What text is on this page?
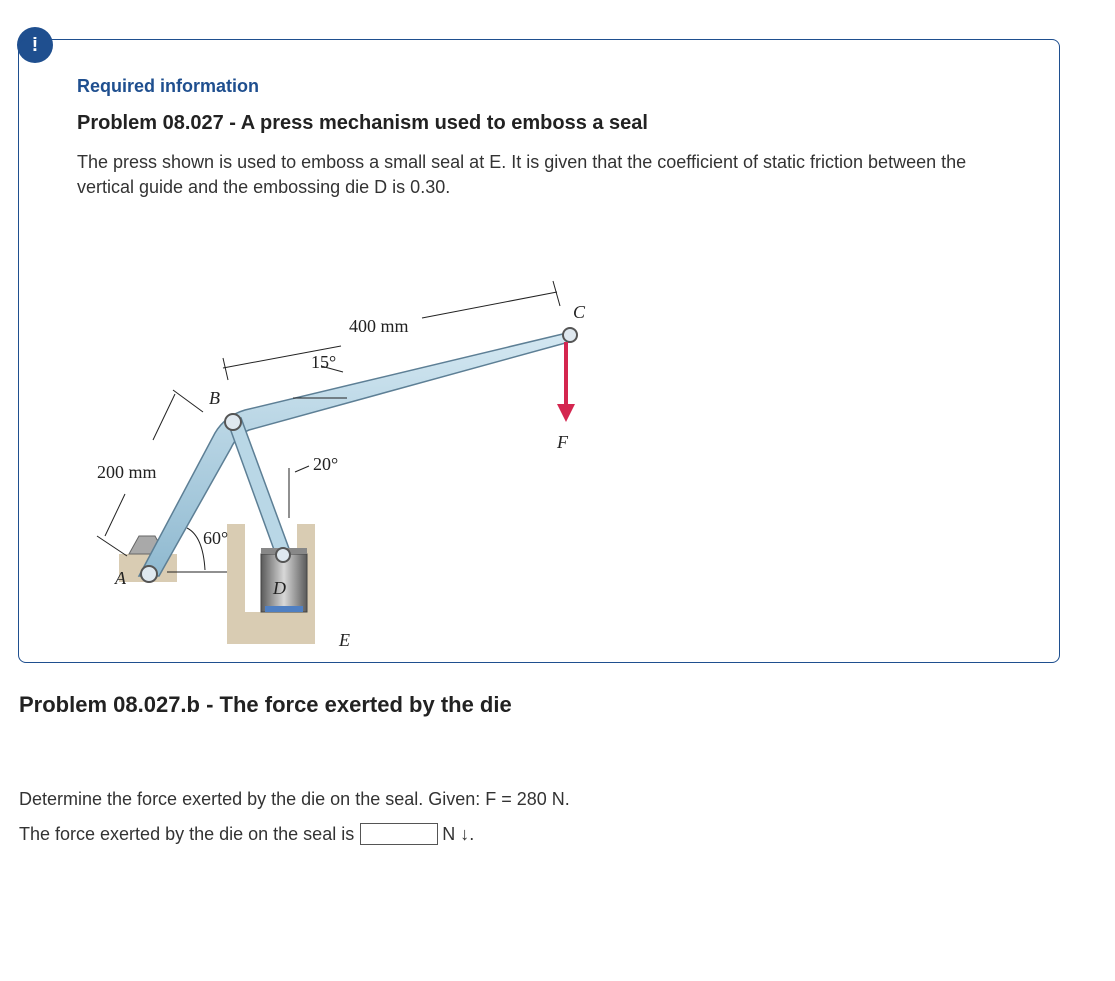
!
Required information
Problem 08.027 - A press mechanism used to emboss a seal

The press shown is used to emboss a small seal at E. It is given that the coefficient of static friction between the vertical guide and the embossing die D is 0.30.

400 mm
200 mm
15°
20°
60°
A
B
C
D
E
F
Problem 08.027.b - The force exerted by the die

Determine the force exerted by the die on the seal. Given: F = 280 N.

The force exerted by the die on the seal is	N ↓.
